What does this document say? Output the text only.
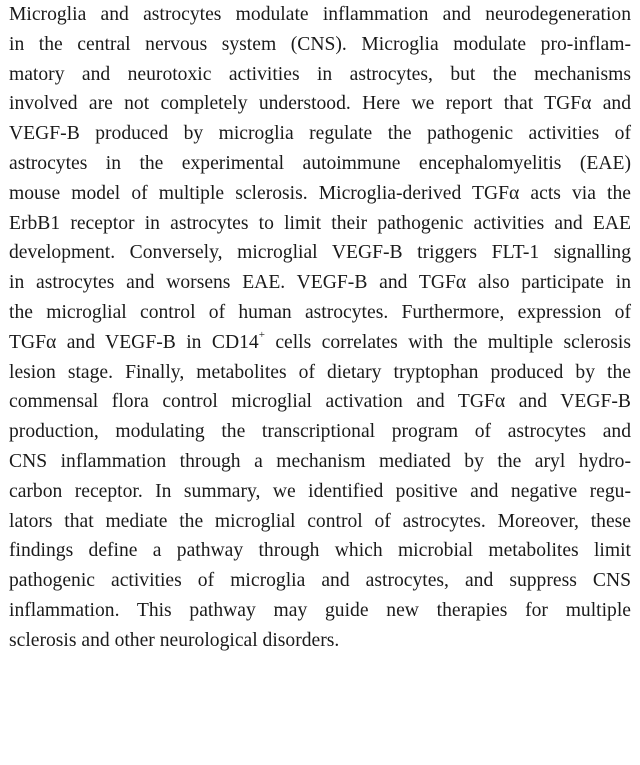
Microglia and astrocytes modulate inflammation and neurodegeneration
in the central nervous system (CNS). Microglia modulate pro-inflam-
matory and neurotoxic activities in astrocytes, but the mechanisms
involved are not completely understood. Here we report that TGFα and
VEGF-B produced by microglia regulate the pathogenic activities of
astrocytes in the experimental autoimmune encephalomyelitis (EAE)
mouse model of multiple sclerosis. Microglia-derived TGFα acts via the
ErbB1 receptor in astrocytes to limit their pathogenic activities and EAE
development. Conversely, microglial VEGF-B triggers FLT-1 signalling
in astrocytes and worsens EAE. VEGF-B and TGFα also participate in
the microglial control of human astrocytes. Furthermore, expression of
TGFα and VEGF-B in CD14+ cells correlates with the multiple sclerosis
lesion stage. Finally, metabolites of dietary tryptophan produced by the
commensal flora control microglial activation and TGFα and VEGF-B
production, modulating the transcriptional program of astrocytes and
CNS inflammation through a mechanism mediated by the aryl hydro-
carbon receptor. In summary, we identified positive and negative regu-
lators that mediate the microglial control of astrocytes. Moreover, these
findings define a pathway through which microbial metabolites limit
pathogenic activities of microglia and astrocytes, and suppress CNS
inflammation. This pathway may guide new therapies for multiple
sclerosis and other neurological disorders.
